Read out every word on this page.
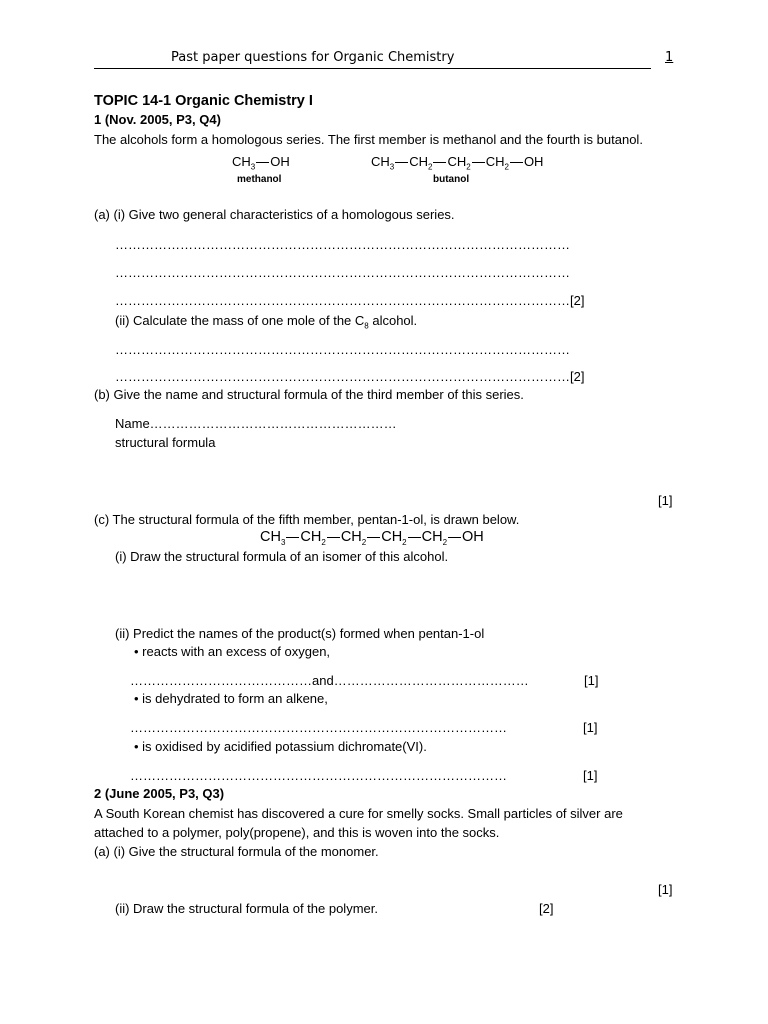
Past paper questions for Organic Chemistry	1
TOPIC 14-1 Organic Chemistry I
1 (Nov. 2005, P3, Q4)
The alcohols form a homologous series. The first member is methanol and the fourth is butanol.
$CH_3$ OH
methanol
$CH_3$ $CH_2$ $CH_2$ $CH_2$ OH
butanol
(a) (i) Give two general characteristics of a homologous series.
……………………………………………………………………………………………
……………………………………………………………………………………………
……………………………………………………………………………………………[2]
(ii) Calculate the mass of one mole of the $C_8$ alcohol.
……………………………………………………………………………………………
……………………………………………………………………………………………[2]
(b) Give the name and structural formula of the third member of this series.
Name…………………………………………………
structural formula
[1]
(c) The structural formula of the fifth member, pentan-1-ol, is drawn below.
$CH_3$ $CH_2$ $CH_2$ $CH_2$ $CH_2$ OH
(i) Draw the structural formula of an isomer of this alcohol.
(ii) Predict the names of the product(s) formed when pentan-1-ol
• reacts with an excess of oxygen,
……………………………………and………………………………………	[1]
• is dehydrated to form an alkene,
……………………………………………………………………………	[1]
• is oxidised by acidified potassium dichromate(VI).
……………………………………………………………………………	[1]
2 (June 2005, P3, Q3)
A South Korean chemist has discovered a cure for smelly socks. Small particles of silver are
attached to a polymer, poly(propene), and this is woven into the socks.
(a) (i) Give the structural formula of the monomer.
[1]
(ii) Draw the structural formula of the polymer.	[2]
